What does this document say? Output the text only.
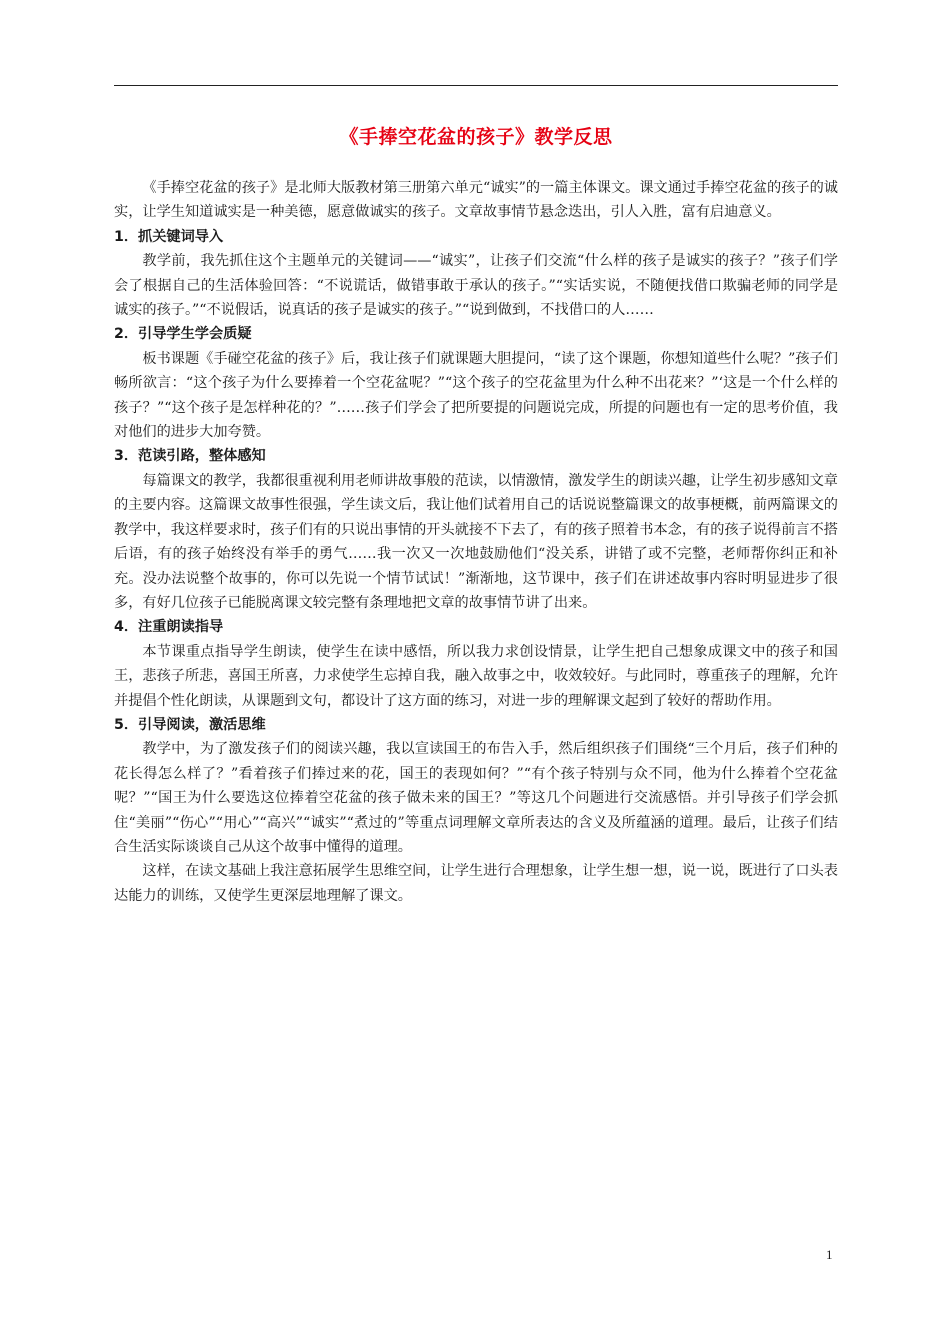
《手捧空花盆的孩子》教学反思

《手捧空花盆的孩子》是北师大版教材第三册第六单元“诚实”的一篇主体课文。课文通过手捧空花盆的孩子的诚实，让学生知道诚实是一种美德，愿意做诚实的孩子。文章故事情节悬念迭出，引人入胜，富有启迪意义。

1．抓关键词导入

教学前，我先抓住这个主题单元的关键词——“诚实”，让孩子们交流“什么样的孩子是诚实的孩子？”孩子们学会了根据自己的生活体验回答：“不说谎话，做错事敢于承认的孩子。”“实话实说，不随便找借口欺骗老师的同学是诚实的孩子。”“不说假话，说真话的孩子是诚实的孩子。”“说到做到，不找借口的人……

2．引导学生学会质疑

板书课题《手碰空花盆的孩子》后，我让孩子们就课题大胆提问，“读了这个课题，你想知道些什么呢？”孩子们畅所欲言：“这个孩子为什么要捧着一个空花盆呢？”“这个孩子的空花盆里为什么种不出花来？”‘这是一个什么样的孩子？”“这个孩子是怎样种花的？”……孩子们学会了把所要提的问题说完成，所提的问题也有一定的思考价值，我对他们的进步大加夸赞。

3．范读引路，整体感知

每篇课文的教学，我都很重视利用老师讲故事般的范读，以情激情，激发学生的朗读兴趣，让学生初步感知文章的主要内容。这篇课文故事性很强，学生读文后，我让他们试着用自己的话说说整篇课文的故事梗概，前两篇课文的教学中，我这样要求时，孩子们有的只说出事情的开头就接不下去了，有的孩子照着书本念，有的孩子说得前言不搭后语，有的孩子始终没有举手的勇气……我一次又一次地鼓励他们“没关系，讲错了或不完整，老师帮你纠正和补充。没办法说整个故事的，你可以先说一个情节试试！”渐渐地，这节课中，孩子们在讲述故事内容时明显进步了很多，有好几位孩子已能脱离课文较完整有条理地把文章的故事情节讲了出来。

4．注重朗读指导

本节课重点指导学生朗读，使学生在读中感悟，所以我力求创设情景，让学生把自己想象成课文中的孩子和国王，悲孩子所悲，喜国王所喜，力求使学生忘掉自我，融入故事之中，收效较好。与此同时，尊重孩子的理解，允许并提倡个性化朗读，从课题到文句，都设计了这方面的练习，对进一步的理解课文起到了较好的帮助作用。

5．引导阅读，激活思维

教学中，为了激发孩子们的阅读兴趣，我以宣读国王的布告入手，然后组织孩子们围绕“三个月后，孩子们种的花长得怎么样了？”看着孩子们捧过来的花，国王的表现如何？”“有个孩子特别与众不同，他为什么捧着个空花盆呢？”“国王为什么要选这位捧着空花盆的孩子做未来的国王？”等这几个问题进行交流感悟。并引导孩子们学会抓住“美丽”“伤心”“用心”“高兴”“诚实”“煮过的”等重点词理解文章所表达的含义及所蕴涵的道理。最后，让孩子们结合生活实际谈谈自己从这个故事中懂得的道理。

这样，在读文基础上我注意拓展学生思维空间，让学生进行合理想象，让学生想一想，说一说，既进行了口头表达能力的训练，又使学生更深层地理解了课文。

1
